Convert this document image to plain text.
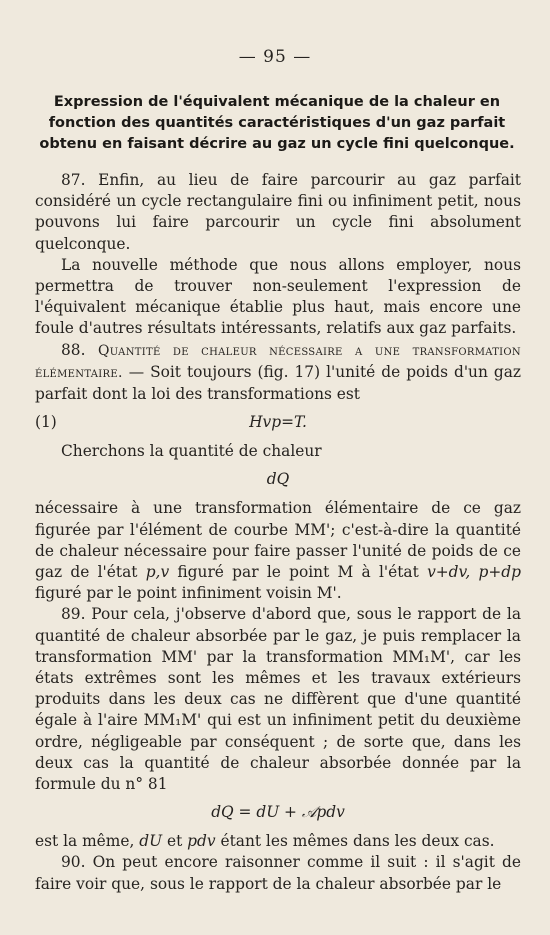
— 95 —
Expression de l'équivalent mécanique de la chaleur en fonction des quantités caractéristiques d'un gaz parfait obtenu en faisant décrire au gaz un cycle fini quelconque.

87. Enfin, au lieu de faire parcourir au gaz parfait considéré un cycle rectangulaire fini ou infiniment petit, nous pouvons lui faire parcourir un cycle fini absolument quelconque.

La nouvelle méthode que nous allons employer, nous permettra de trouver non-seulement l'expression de l'équivalent mécanique établie plus haut, mais encore une foule d'autres résultats intéressants, relatifs aux gaz parfaits.

88. Quantité de chaleur nécessaire a une transformation élémentaire. — Soit toujours (fig. 17) l'unité de poids d'un gaz parfait dont la loi des transformations est

(1)	Hvp=T.

Cherchons la quantité de chaleur

dQ

nécessaire à une transformation élémentaire de ce gaz figurée par l'élément de courbe MM'; c'est-à-dire la quantité de chaleur nécessaire pour faire passer l'unité de poids de ce gaz de l'état p,v figuré par le point M à l'état v+dv, p+dp figuré par le point infiniment voisin M'.

89. Pour cela, j'observe d'abord que, sous le rapport de la quantité de chaleur absorbée par le gaz, je puis remplacer la transformation MM' par la transformation MM₁M', car les états extrêmes sont les mêmes et les travaux extérieurs produits dans les deux cas ne diffèrent que d'une quantité égale à l'aire MM₁M' qui est un infiniment petit du deuxième ordre, négligeable par conséquent ; de sorte que, dans les deux cas la quantité de chaleur absorbée donnée par la formule du n° 81

dQ = dU + 𝒜pdv

est la même, dU et pdv étant les mêmes dans les deux cas.

90. On peut encore raisonner comme il suit : il s'agit de faire voir que, sous le rapport de la chaleur absorbée par le
